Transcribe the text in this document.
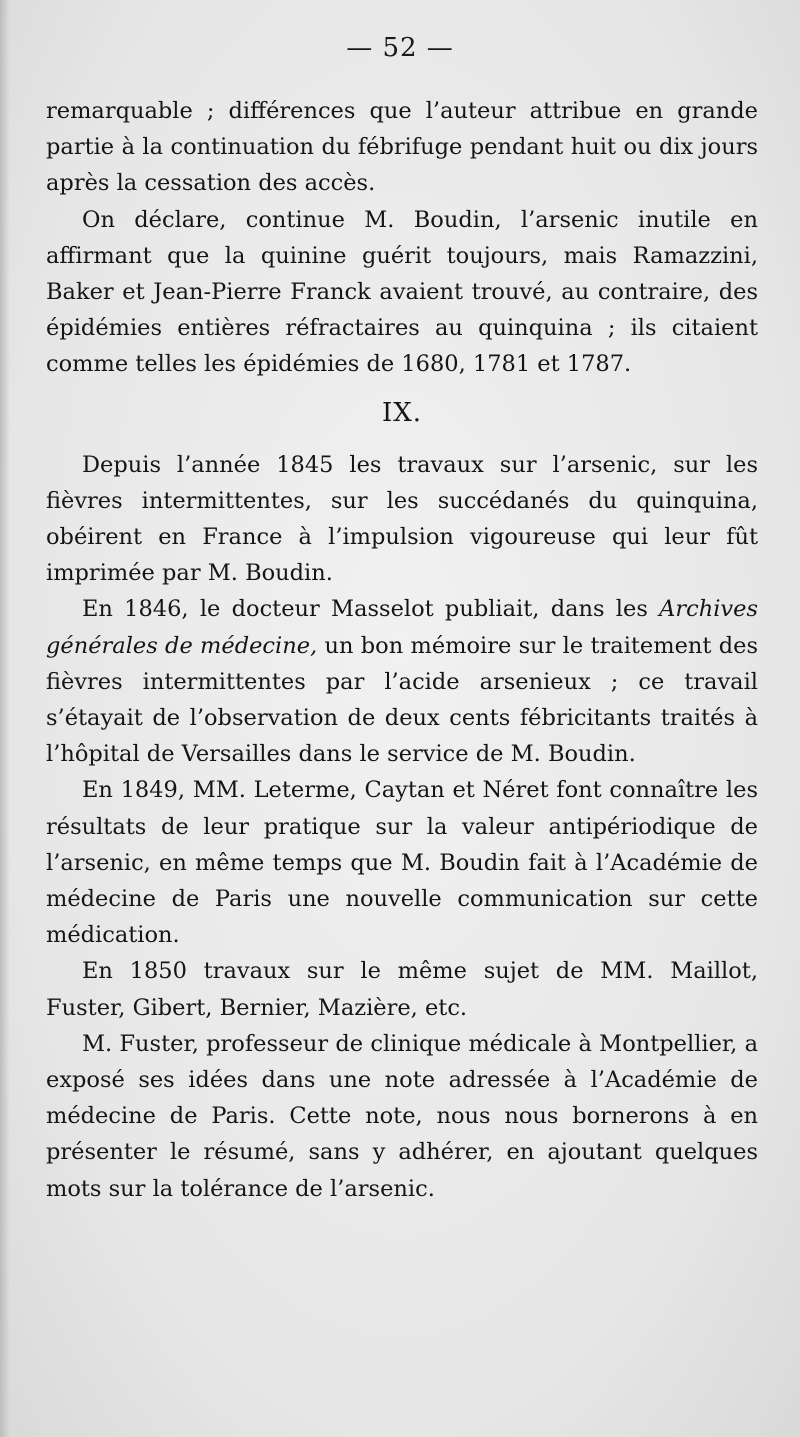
— 52 —

remarquable ; différences que l’auteur attribue en grande partie à la continuation du fébrifuge pendant huit ou dix jours après la cessation des accès.

On déclare, continue M. Boudin, l’arsenic inutile en affirmant que la quinine guérit toujours, mais Ramazzini, Baker et Jean-Pierre Franck avaient trouvé, au contraire, des épidémies entières réfractaires au quinquina ; ils citaient comme telles les épidémies de 1680, 1781 et 1787.

IX.

Depuis l’année 1845 les travaux sur l’arsenic, sur les fièvres intermittentes, sur les succédanés du quinquina, obéirent en France à l’impulsion vigoureuse qui leur fût imprimée par M. Boudin.

En 1846, le docteur Masselot publiait, dans les Archives générales de médecine, un bon mémoire sur le traitement des fièvres intermittentes par l’acide arsenieux ; ce travail s’étayait de l’observation de deux cents fébricitants traités à l’hôpital de Versailles dans le service de M. Boudin.

En 1849, MM. Leterme, Caytan et Néret font connaître les résultats de leur pratique sur la valeur antipériodique de l’arsenic, en même temps que M. Boudin fait à l’Académie de médecine de Paris une nouvelle communication sur cette médication.

En 1850 travaux sur le même sujet de MM. Maillot, Fuster, Gibert, Bernier, Mazière, etc.

M. Fuster, professeur de clinique médicale à Montpellier, a exposé ses idées dans une note adressée à l’Académie de médecine de Paris. Cette note, nous nous bornerons à en présenter le résumé, sans y adhérer, en ajoutant quelques mots sur la tolérance de l’arsenic.
